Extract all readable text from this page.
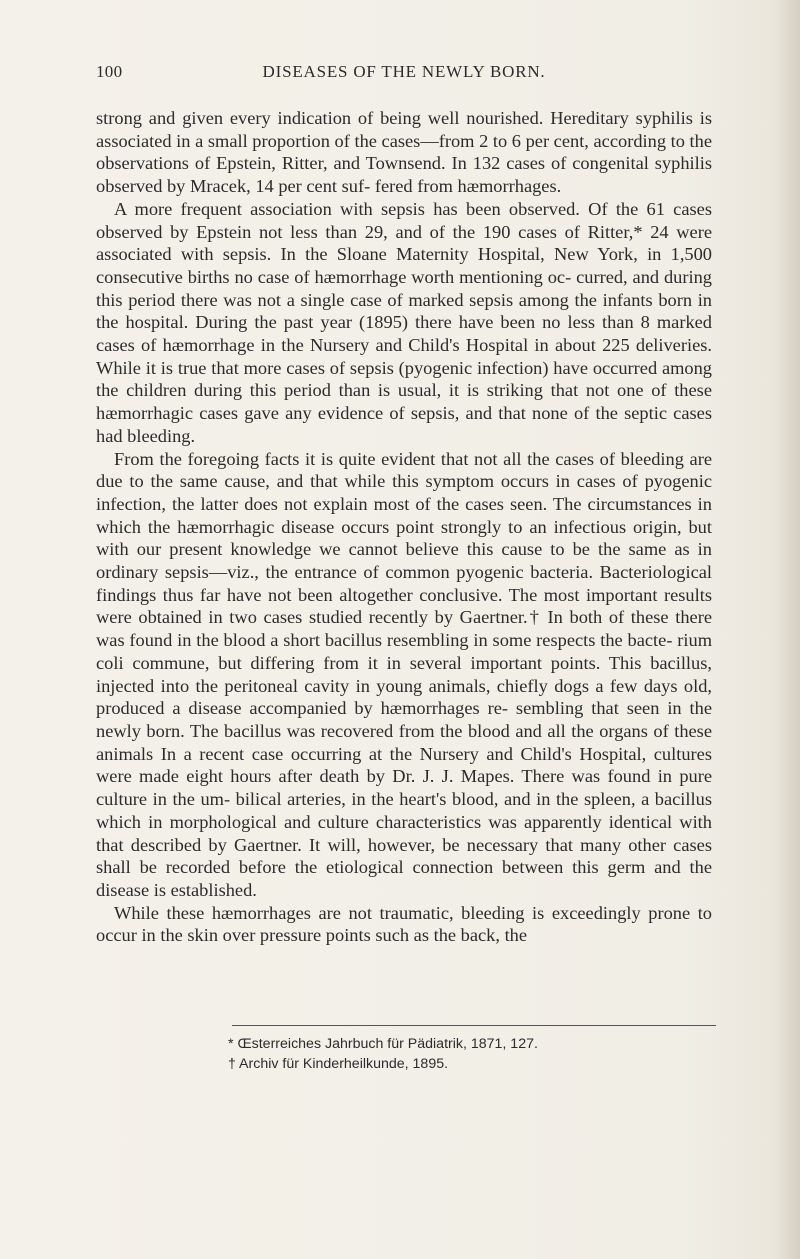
DISEASES OF THE NEWLY BORN.
100

strong and given every indication of being well nourished. Hereditary syphilis is associated in a small proportion of the cases—from 2 to 6 per cent, according to the observations of Epstein, Ritter, and Townsend. In 132 cases of congenital syphilis observed by Mracek, 14 per cent suf- fered from hæmorrhages.

A more frequent association with sepsis has been observed. Of the 61 cases observed by Epstein not less than 29, and of the 190 cases of Ritter,* 24 were associated with sepsis. In the Sloane Maternity Hospital, New York, in 1,500 consecutive births no case of hæmorrhage worth mentioning oc- curred, and during this period there was not a single case of marked sepsis among the infants born in the hospital. During the past year (1895) there have been no less than 8 marked cases of hæmorrhage in the Nursery and Child's Hospital in about 225 deliveries. While it is true that more cases of sepsis (pyogenic infection) have occurred among the children during this period than is usual, it is striking that not one of these hæmorrhagic cases gave any evidence of sepsis, and that none of the septic cases had bleeding.

From the foregoing facts it is quite evident that not all the cases of bleeding are due to the same cause, and that while this symptom occurs in cases of pyogenic infection, the latter does not explain most of the cases seen. The circumstances in which the hæmorrhagic disease occurs point strongly to an infectious origin, but with our present knowledge we cannot believe this cause to be the same as in ordinary sepsis—viz., the entrance of common pyogenic bacteria. Bacteriological findings thus far have not been altogether conclusive. The most important results were obtained in two cases studied recently by Gaertner.† In both of these there was found in the blood a short bacillus resembling in some respects the bacte- rium coli commune, but differing from it in several important points. This bacillus, injected into the peritoneal cavity in young animals, chiefly dogs a few days old, produced a disease accompanied by hæmorrhages re- sembling that seen in the newly born. The bacillus was recovered from the blood and all the organs of these animals In a recent case occurring at the Nursery and Child's Hospital, cultures were made eight hours after death by Dr. J. J. Mapes. There was found in pure culture in the um- bilical arteries, in the heart's blood, and in the spleen, a bacillus which in morphological and culture characteristics was apparently identical with that described by Gaertner. It will, however, be necessary that many other cases shall be recorded before the etiological connection between this germ and the disease is established.

While these hæmorrhages are not traumatic, bleeding is exceedingly prone to occur in the skin over pressure points such as the back, the

* Œsterreiches Jahrbuch für Pädiatrik, 1871, 127.
† Archiv für Kinderheilkunde, 1895.
